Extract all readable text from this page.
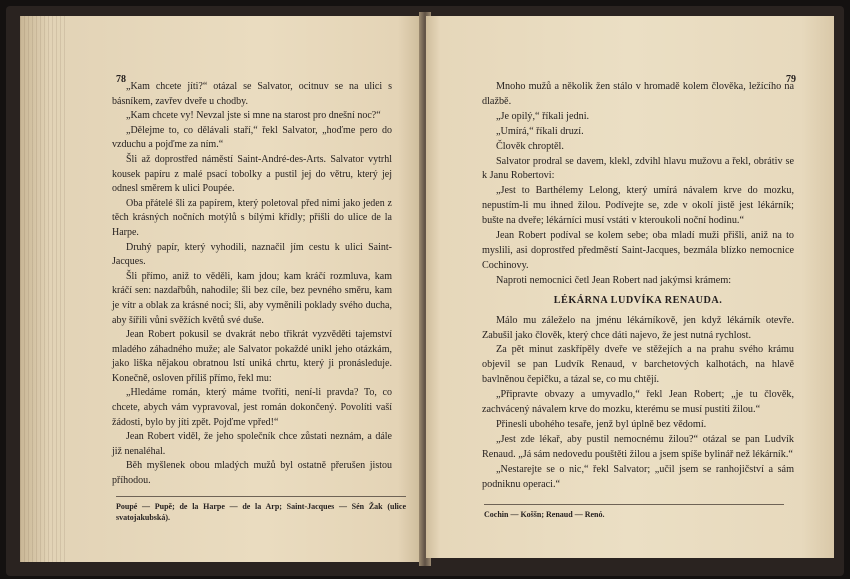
78

„Kam chcete jíti?“ otázal se Salvator, ocitnuv se na ulici s básníkem, zavřev dveře u chodby.

„Kam chcete vy! Nevzal jste si mne na starost pro dnešní noc?“

„Dělejme to, co dělávali staří,“ řekl Salvator, „hoďme pero do vzduchu a pojďme za ním.“

Šli až doprostřed náměstí Saint-André-des-Arts. Salvator vytrhl kousek papíru z malé psací tobolky a pustil jej do větru, který jej odnesl směrem k ulici Poupée.

Oba přátelé šli za papírem, který poletoval před nimi jako jeden z těch krásných nočních motýlů s bílými křídly; přišli do ulice de la Harpe.

Druhý papír, který vyhodili, naznačil jím cestu k ulici Saint-Jacques.

Šli přímo, aniž to věděli, kam jdou; kam kráčí rozmluva, kam kráčí sen: nazdařbůh, nahodile; šli bez cíle, bez pevného směru, kam je vítr a oblak za krásné noci; šli, aby vyměnili poklady svého ducha, aby šířili vůni svěžích květů své duše.

Jean Robert pokusil se dvakrát nebo třikrát vyzvěděti tajemství mladého záhadného muže; ale Salvator pokaždé unikl jeho otázkám, jako liška nějakou obratnou lstí uniká chrtu, který ji pronásleduje. Konečně, osloven příliš přímo, řekl mu:

„Hledáme román, který máme tvořiti, není-li pravda? To, co chcete, abych vám vypravoval, jest román dokončený. Povolíti vaší žádosti, bylo by jíti zpět. Pojďme vpřed!“

Jean Robert viděl, že jeho společník chce zůstati neznám, a dále již nenaléhal.

Běh myšlenek obou mladých mužů byl ostatně přerušen jistou příhodou.

Poupé — Pupě; de la Harpe — de la Arp; Saint-Jacques — Sén Žak (ulice svatojakubská).
79

Mnoho mužů a několik žen stálo v hromadě kolem člověka, ležícího na dlažbě.

„Je opilý,“ říkali jedni.

„Umírá,“ říkali druzí.

Člověk chroptěl.

Salvator prodral se davem, klekl, zdvihl hlavu mužovu a řekl, obrátiv se k Janu Robertovi:

„Jest to Barthélemy Lelong, který umírá návalem krve do mozku, nepustím-li mu ihned žilou. Podívejte se, zde v okolí jistě jest lékárník; bušte na dveře; lékárníci musí vstáti v kteroukoli noční hodinu.“

Jean Robert podíval se kolem sebe; oba mladí muži přišli, aniž na to myslili, asi doprostřed předměstí Saint-Jacques, bezmála blízko nemocnice Cochinovy.

Naproti nemocnici četl Jean Robert nad jakýmsi krámem:

LÉKÁRNA LUDVÍKA RENAUDA.

Málo mu záleželo na jménu lékárníkově, jen když lékárník otevře. Zabušil jako člověk, který chce dáti najevo, že jest nutná rychlost.

Za pět minut zaskřípěly dveře ve stěžejích a na prahu svého krámu objevil se pan Ludvík Renaud, v barchetových kalhotách, na hlavě bavlněnou čepičku, a tázal se, co mu chtějí.

„Připravte obvazy a umyvadlo,“ řekl Jean Robert; „je tu člověk, zachvácený návalem krve do mozku, kterému se musí pustiti žilou.“

Přinesli ubohého tesaře, jenž byl úplně bez vědomí.

„Jest zde lékař, aby pustil nemocnému žilou?“ otázal se pan Ludvík Renaud. „Já sám nedovedu pouštěti žilou a jsem spíše bylinář než lékárník.“

„Nestarejte se o nic,“ řekl Salvator; „učil jsem se ranhojičství a sám podniknu operaci.“

Cochin — Koššn; Renaud — Renó.
